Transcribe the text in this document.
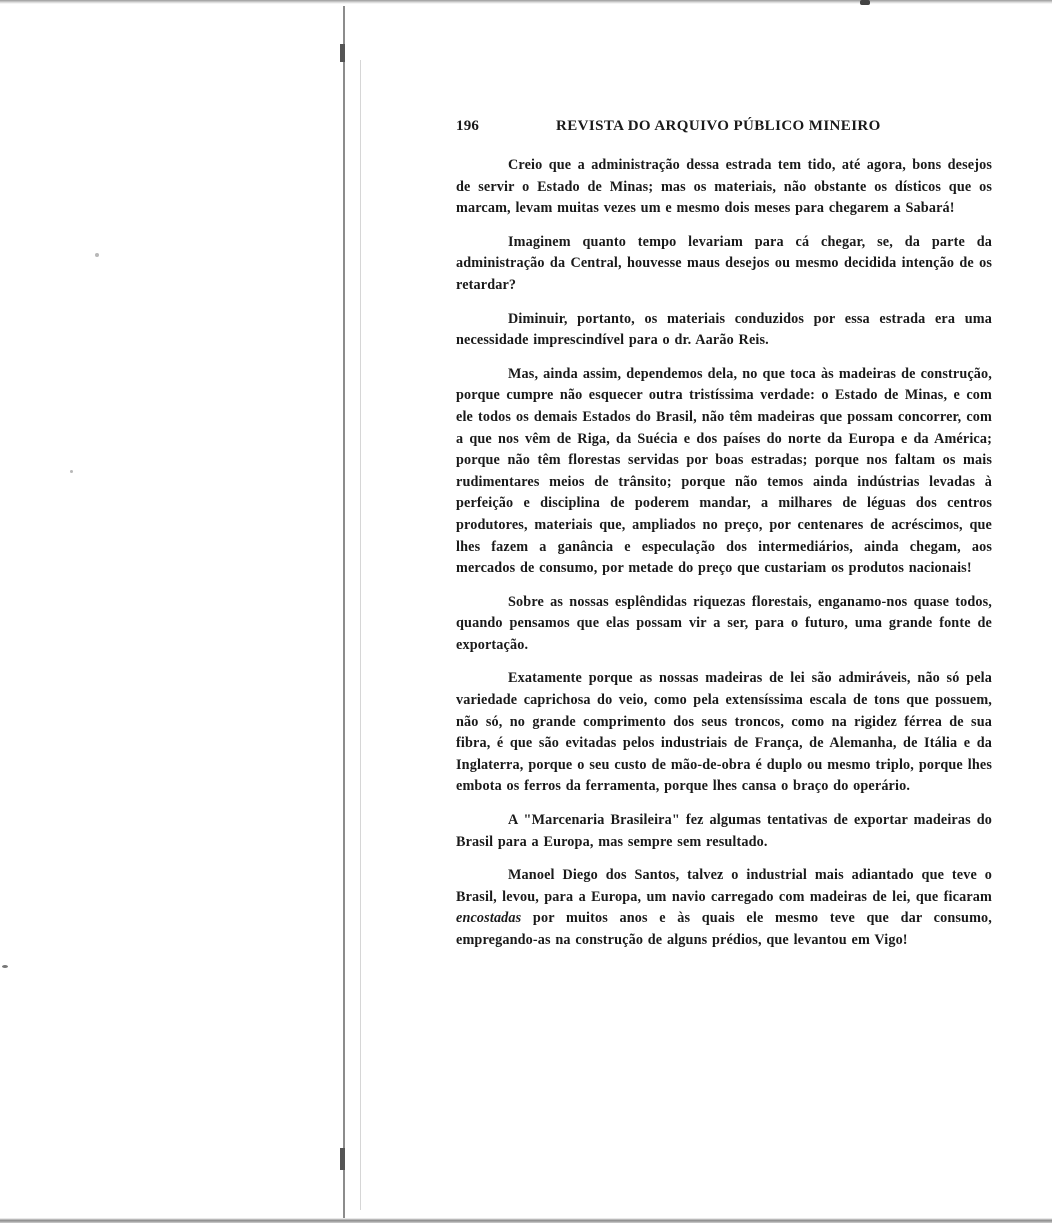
196	REVISTA DO ARQUIVO PÚBLICO MINEIRO

Creio que a administração dessa estrada tem tido, até agora, bons desejos de servir o Estado de Minas; mas os materiais, não obstante os dísticos que os marcam, levam muitas vezes um e mesmo dois meses para chegarem a Sabará!

Imaginem quanto tempo levariam para cá chegar, se, da parte da administração da Central, houvesse maus desejos ou mesmo decidida intenção de os retardar?

Diminuir, portanto, os materiais conduzidos por essa estrada era uma necessidade imprescindível para o dr. Aarão Reis.

Mas, ainda assim, dependemos dela, no que toca às madeiras de construção, porque cumpre não esquecer outra tristíssima verdade: o Estado de Minas, e com ele todos os demais Estados do Brasil, não têm madeiras que possam concorrer, com a que nos vêm de Riga, da Suécia e dos países do norte da Europa e da América; porque não têm florestas servidas por boas estradas; porque nos faltam os mais rudimentares meios de trânsito; porque não temos ainda indústrias levadas à perfeição e disciplina de poderem mandar, a milhares de léguas dos centros produtores, materiais que, ampliados no preço, por centenares de acréscimos, que lhes fazem a ganância e especulação dos intermediários, ainda chegam, aos mercados de consumo, por metade do preço que custariam os produtos nacionais!

Sobre as nossas esplêndidas riquezas florestais, enganamo-nos quase todos, quando pensamos que elas possam vir a ser, para o futuro, uma grande fonte de exportação.

Exatamente porque as nossas madeiras de lei são admiráveis, não só pela variedade caprichosa do veio, como pela extensíssima escala de tons que possuem, não só, no grande comprimento dos seus troncos, como na rigidez férrea de sua fibra, é que são evitadas pelos industriais de França, de Alemanha, de Itália e da Inglaterra, porque o seu custo de mão-de-obra é duplo ou mesmo triplo, porque lhes embota os ferros da ferramenta, porque lhes cansa o braço do operário.

A "Marcenaria Brasileira" fez algumas tentativas de exportar madeiras do Brasil para a Europa, mas sempre sem resultado.

Manoel Diego dos Santos, talvez o industrial mais adiantado que teve o Brasil, levou, para a Europa, um navio carregado com madeiras de lei, que ficaram encostadas por muitos anos e às quais ele mesmo teve que dar consumo, empregando-as na construção de alguns prédios, que levantou em Vigo!
